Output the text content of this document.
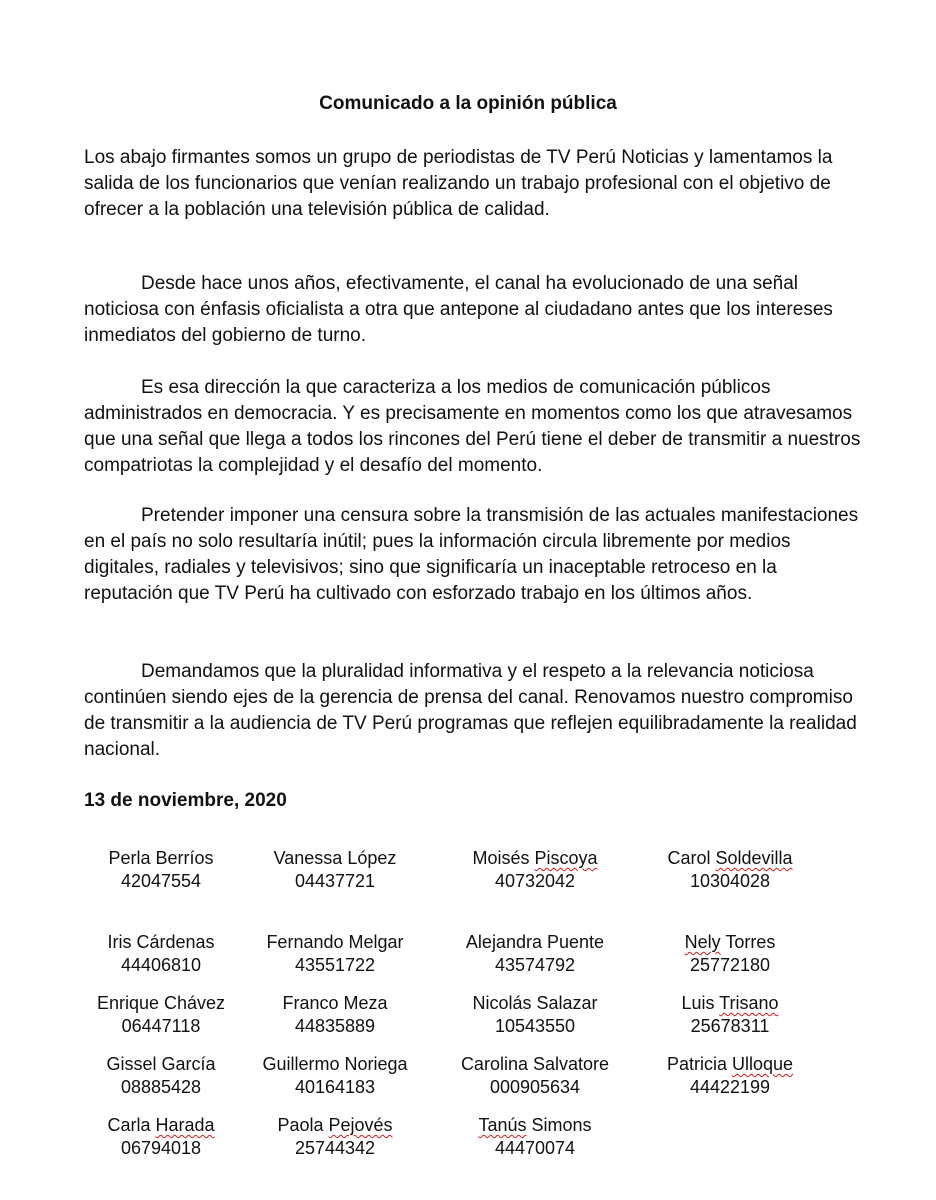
Comunicado a la opinión pública

Los abajo firmantes somos un grupo de periodistas de TV Perú Noticias y lamentamos la salida de los funcionarios que venían realizando un trabajo profesional con el objetivo de ofrecer a la población una televisión pública de calidad.

Desde hace unos años, efectivamente, el canal ha evolucionado de una señal noticiosa con énfasis oficialista a otra que antepone al ciudadano antes que los intereses inmediatos del gobierno de turno.

Es esa dirección la que caracteriza a los medios de comunicación públicos administrados en democracia. Y es precisamente en momentos como los que atravesamos que una señal que llega a todos los rincones del Perú tiene el deber de transmitir a nuestros compatriotas la complejidad y el desafío del momento.

Pretender imponer una censura sobre la transmisión de las actuales manifestaciones en el país no solo resultaría inútil; pues la información circula libremente por medios digitales, radiales y televisivos; sino que significaría un inaceptable retroceso en la reputación que TV Perú ha cultivado con esforzado trabajo en los últimos años.

Demandamos que la pluralidad informativa y el respeto a la relevancia noticiosa continúen siendo ejes de la gerencia de prensa del canal. Renovamos nuestro compromiso de transmitir a la audiencia de TV Perú programas que reflejen equilibradamente la realidad nacional.

13 de noviembre, 2020
Perla Berríos
42047554
Vanessa López
04437721
Moisés Piscoya
40732042
Carol Soldevilla
10304028
Iris Cárdenas
44406810
Fernando Melgar
43551722
Alejandra Puente
43574792
Nely Torres
25772180
Enrique Chávez
06447118
Franco Meza
44835889
Nicolás Salazar
10543550
Luis Trisano
25678311
Gissel García
08885428
Guillermo Noriega
40164183
Carolina Salvatore
000905634
Patricia Ulloque
44422199
Carla Harada
06794018
Paola Pejovés
25744342
Tanús Simons
44470074
